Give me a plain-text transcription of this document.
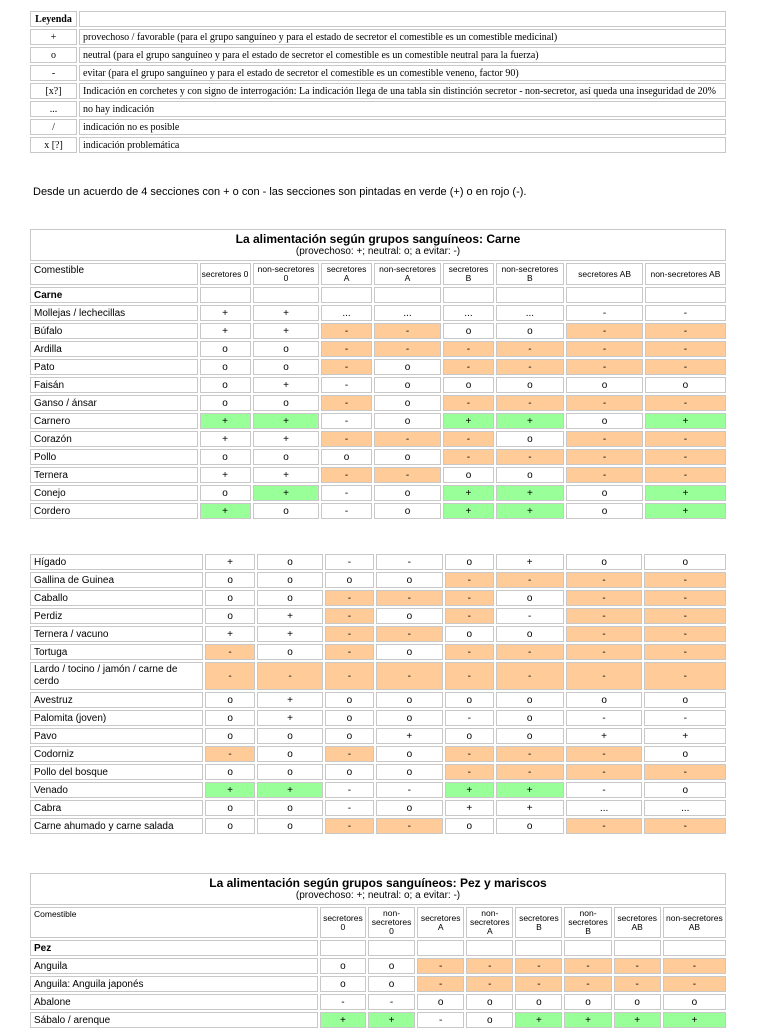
Leyenda	
+	provechoso / favorable (para el grupo sanguíneo y para el estado de secretor el comestible es un comestible medicinal)
o	neutral (para el grupo sanguíneo y para el estado de secretor el comestible es un comestible neutral para la fuerza)
-	evitar (para el grupo sanguíneo y para el estado de secretor el comestible es un comestible veneno, factor 90)
[x?]	Indicación en corchetes y con signo de interrogación: La indicación llega de una tabla sin distinción secretor - non-secretor, así queda una inseguridad de 20%
...	no hay indicación
/	indicación no es posible
x [?]	indicación problemática
Desde un acuerdo de 4 secciones con + o con - las secciones son pintadas en verde (+) o en rojo (-).
La alimentación según grupos sanguíneos: Carne
(provechoso: +; neutral: o; a evitar: -)								

Comestible	secretores 0	non-secretores 0	secretores A	non-secretores A	secretores B	non-secretores B	secretores AB	non-secretores AB
Carne								
Mollejas / lechecillas	+	+	...	...	...	...	-	-
Búfalo	+	+	-	-	o	o	-	-
Ardilla	o	o	-	-	-	-	-	-
Pato	o	o	-	o	-	-	-	-
Faisán	o	+	-	o	o	o	o	o
Ganso / ánsar	o	o	-	o	-	-	-	-
Carnero	+	+	-	o	+	+	o	+
Corazón	+	+	-	-	-	o	-	-
Pollo	o	o	o	o	-	-	-	-
Ternera	+	+	-	-	o	o	-	-
Conejo	o	+	-	o	+	+	o	+
Cordero	+	o	-	o	+	+	o	+
Hígado	+	o	-	-	o	+	o	o
Gallina de Guinea	o	o	o	o	-	-	-	-
Caballo	o	o	-	-	-	o	-	-
Perdiz	o	+	-	o	-	-	-	-
Ternera / vacuno	+	+	-	-	o	o	-	-
Tortuga	-	o	-	o	-	-	-	-
Lardo / tocino / jamón / carne de cerdo	-	-	-	-	-	-	-	-
Avestruz	o	+	o	o	o	o	o	o
Palomita (joven)	o	+	o	o	-	o	-	-
Pavo	o	o	o	+	o	o	+	+
Codorniz	-	o	-	o	-	-	-	o
Pollo del bosque	o	o	o	o	-	-	-	-
Venado	+	+	-	-	+	+	-	o
Cabra	o	o	-	o	+	+	...	...
Carne ahumado y carne salada	o	o	-	-	o	o	-	-
La alimentación según grupos sanguíneos: Pez y mariscos
(provechoso: +; neutral: o; a evitar: -)								

Comestible	secretores 0	non-secretores 0	secretores A	non-secretores A	secretores B	non-secretores B	secretores AB	non-secretores AB
Pez								
Anguila	o	o	-	-	-	-	-	-
Anguila: Anguila japonés	o	o	-	-	-	-	-	-
Abalone	-	-	o	o	o	o	o	o
Sábalo / arenque	+	+	-	o	+	+	+	+
